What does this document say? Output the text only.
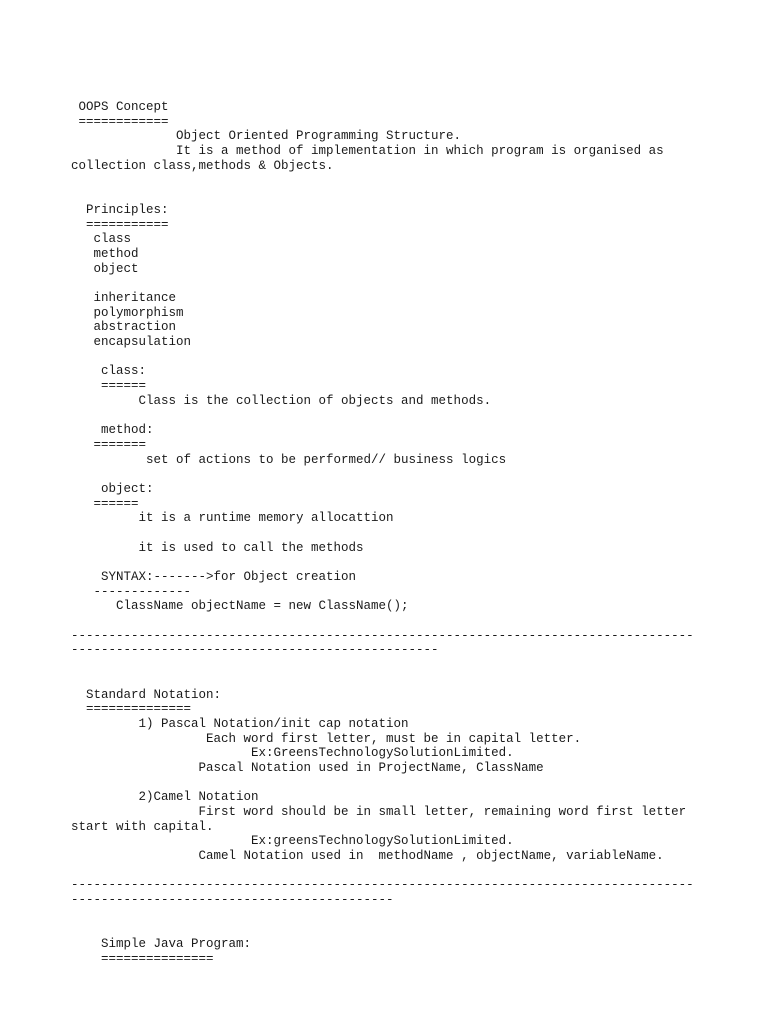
OOPS Concept
============
Object Oriented Programming Structure.
It is a method of implementation in which program is organised as
collection class,methods & Objects.
Principles:
===========
class
method
object
inheritance
polymorphism
abstraction
encapsulation
class:
======
Class is the collection of objects and methods.
method:
=======
set of actions to be performed// business logics
object:
======
it is a runtime memory allocattion
it is used to call the methods
SYNTAX:------->for Object creation
-------------
ClassName objectName = new ClassName();
-----------------------------------------------------------------------------------
-------------------------------------------------
Standard Notation:
==============
1) Pascal Notation/init cap notation
Each word first letter, must be in capital letter.
Ex:GreensTechnologySolutionLimited.
Pascal Notation used in ProjectName, ClassName
2)Camel Notation
First word should be in small letter, remaining word first letter
start with capital.
Ex:greensTechnologySolutionLimited.
Camel Notation used in  methodName , objectName, variableName.
-----------------------------------------------------------------------------------
-------------------------------------------
Simple Java Program:
===============
